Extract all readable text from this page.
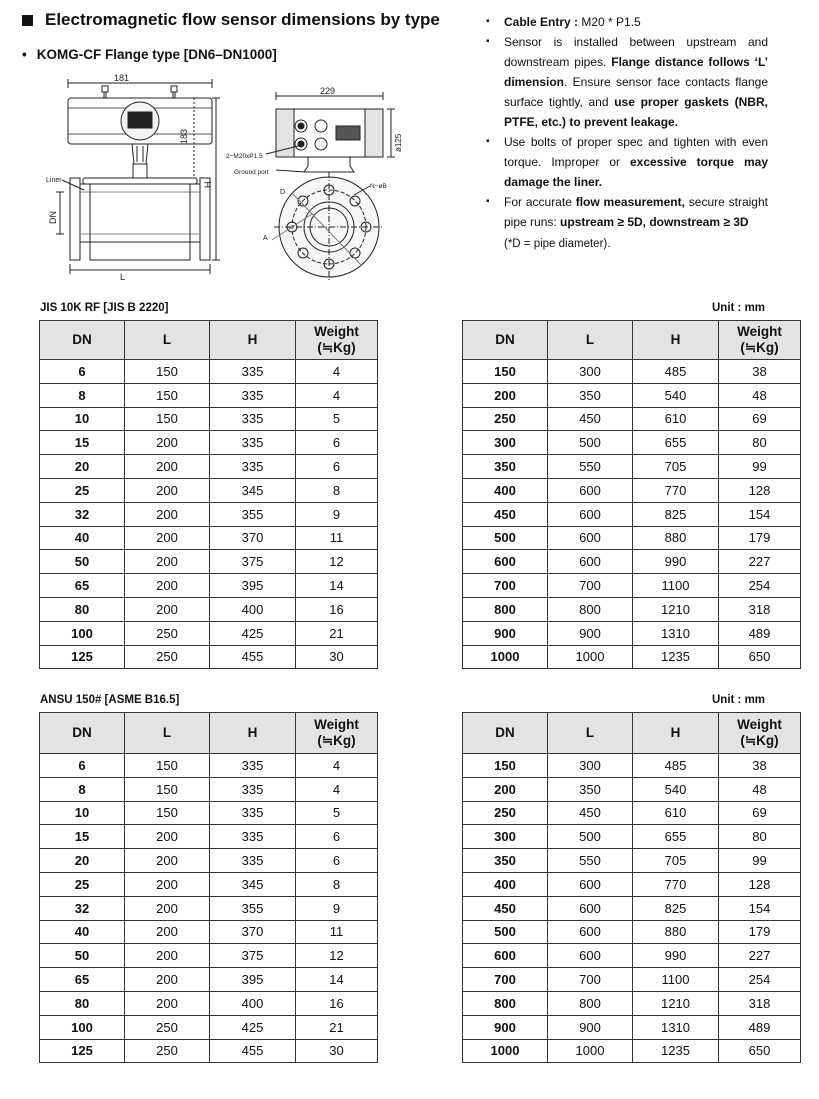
Electromagnetic flow sensor dimensions by type
• KOMG-CF Flange type [DN6–DN1000]
▪ Cable Entry : M20 * P1.5
▪ Sensor is installed between upstream and downstream pipes. Flange distance follows ‘L’ dimension. Ensure sensor face contacts flange surface tightly, and use proper gaskets (NBR, PTFE, etc.) to prevent leakage.
▪ Use bolts of proper spec and tighten with even torque. Improper or excessive torque may damage the liner.
▪ For accurate flow measurement, secure straight pipe runs: upstream ≥ 5D, downstream ≥ 3D
(*D = pipe diameter).
181
L
183
H
DN
Liner
229
ø125
2−M20xP1.5
Ground port
D
A
N−øB
JIS 10K RF [JIS B 2220]	Unit : mm
DN	L	H	Weight
(≒Kg)

6	150	335	4
8	150	335	4
10	150	335	5
15	200	335	6
20	200	335	6
25	200	345	8
32	200	355	9
40	200	370	11
50	200	375	12
65	200	395	14
80	200	400	16
100	250	425	21
125	250	455	30
DN	L	H	Weight
(≒Kg)

150	300	485	38
200	350	540	48
250	450	610	69
300	500	655	80
350	550	705	99
400	600	770	128
450	600	825	154
500	600	880	179
600	600	990	227
700	700	1100	254
800	800	1210	318
900	900	1310	489
1000	1000	1235	650
ANSU 150# [ASME B16.5]	Unit : mm
DN	L	H	Weight
(≒Kg)

6	150	335	4
8	150	335	4
10	150	335	5
15	200	335	6
20	200	335	6
25	200	345	8
32	200	355	9
40	200	370	11
50	200	375	12
65	200	395	14
80	200	400	16
100	250	425	21
125	250	455	30
DN	L	H	Weight
(≒Kg)

150	300	485	38
200	350	540	48
250	450	610	69
300	500	655	80
350	550	705	99
400	600	770	128
450	600	825	154
500	600	880	179
600	600	990	227
700	700	1100	254
800	800	1210	318
900	900	1310	489
1000	1000	1235	650
